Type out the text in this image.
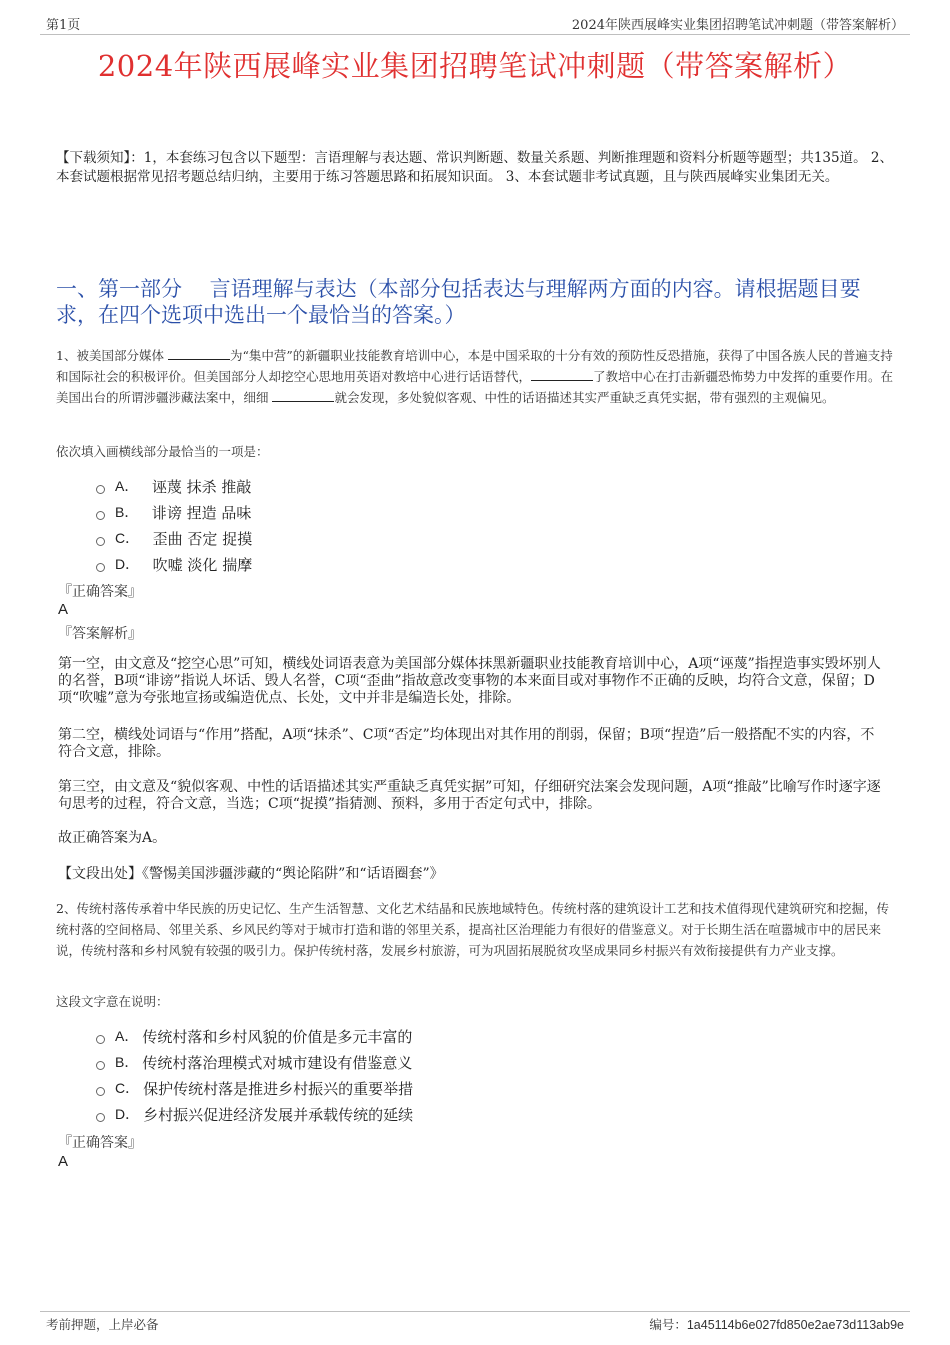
第1页	2024年陕西展峰实业集团招聘笔试冲刺题（带答案解析）
2024年陕西展峰实业集团招聘笔试冲刺题（带答案解析）
【下载须知】：1，本套练习包含以下题型：言语理解与表达题、常识判断题、数量关系题、判断推理题和资料分析题等题型；共135道。 2、本套试题根据常见招考题总结归纳，主要用于练习答题思路和拓展知识面。 3、本套试题非考试真题，且与陕西展峰实业集团无关。
一、第一部分　 言语理解与表达（本部分包括表达与理解两方面的内容。请根据题目要求，在四个选项中选出一个最恰当的答案。）
1、被美国部分媒体	为“集中营”的新疆职业技能教育培训中心，本是中国采取的十分有效的预防性反恐措施，获得了中国各族人民的普遍支持和国际社会的积极评价。但美国部分人却挖空心思地用英语对教培中心进行话语替代，	了教培中心在打击新疆恐怖势力中发挥的重要作用。在美国出台的所谓涉疆涉藏法案中，细细	就会发现，多处貌似客观、中性的话语描述其实严重缺乏真凭实据，带有强烈的主观偏见。
依次填入画横线部分最恰当的一项是：
A． 诬蔑 抹杀 推敲
B． 诽谤 捏造 品味
C． 歪曲 否定 捉摸
D． 吹嘘 淡化 揣摩
『正确答案』
A
『答案解析』
第一空，由文意及“挖空心思”可知，横线处词语表意为美国部分媒体抹黑新疆职业技能教育培训中心，A项“诬蔑”指捏造事实毁坏别人的名誉，B项“诽谤”指说人坏话、毁人名誉，C项“歪曲”指故意改变事物的本来面目或对事物作不正确的反映，均符合文意，保留；D项“吹嘘”意为夸张地宣扬或编造优点、长处，文中并非是编造长处，排除。
第二空，横线处词语与“作用”搭配，A项“抹杀”、C项“否定”均体现出对其作用的削弱，保留；B项“捏造”后一般搭配不实的内容，不符合文意，排除。
第三空，由文意及“貌似客观、中性的话语描述其实严重缺乏真凭实据”可知，仔细研究法案会发现问题，A项“推敲”比喻写作时逐字逐句思考的过程，符合文意，当选；C项“捉摸”指猜测、预料，多用于否定句式中，排除。
故正确答案为A。
【文段出处】《警惕美国涉疆涉藏的“舆论陷阱”和“话语圈套”》
2、传统村落传承着中华民族的历史记忆、生产生活智慧、文化艺术结晶和民族地域特色。传统村落的建筑设计工艺和技术值得现代建筑研究和挖掘，传统村落的空间格局、邻里关系、乡风民约等对于城市打造和谐的邻里关系，提高社区治理能力有很好的借鉴意义。对于长期生活在喧嚣城市中的居民来说，传统村落和乡村风貌有较强的吸引力。保护传统村落，发展乡村旅游，可为巩固拓展脱贫攻坚成果同乡村振兴有效衔接提供有力产业支撑。
这段文字意在说明：
A． 传统村落和乡村风貌的价值是多元丰富的
B． 传统村落治理模式对城市建设有借鉴意义
C． 保护传统村落是推进乡村振兴的重要举措
D． 乡村振兴促进经济发展并承载传统的延续
『正确答案』
A
考前押题，上岸必备	编号：1a45114b6e027fd850e2ae73d113ab9e
